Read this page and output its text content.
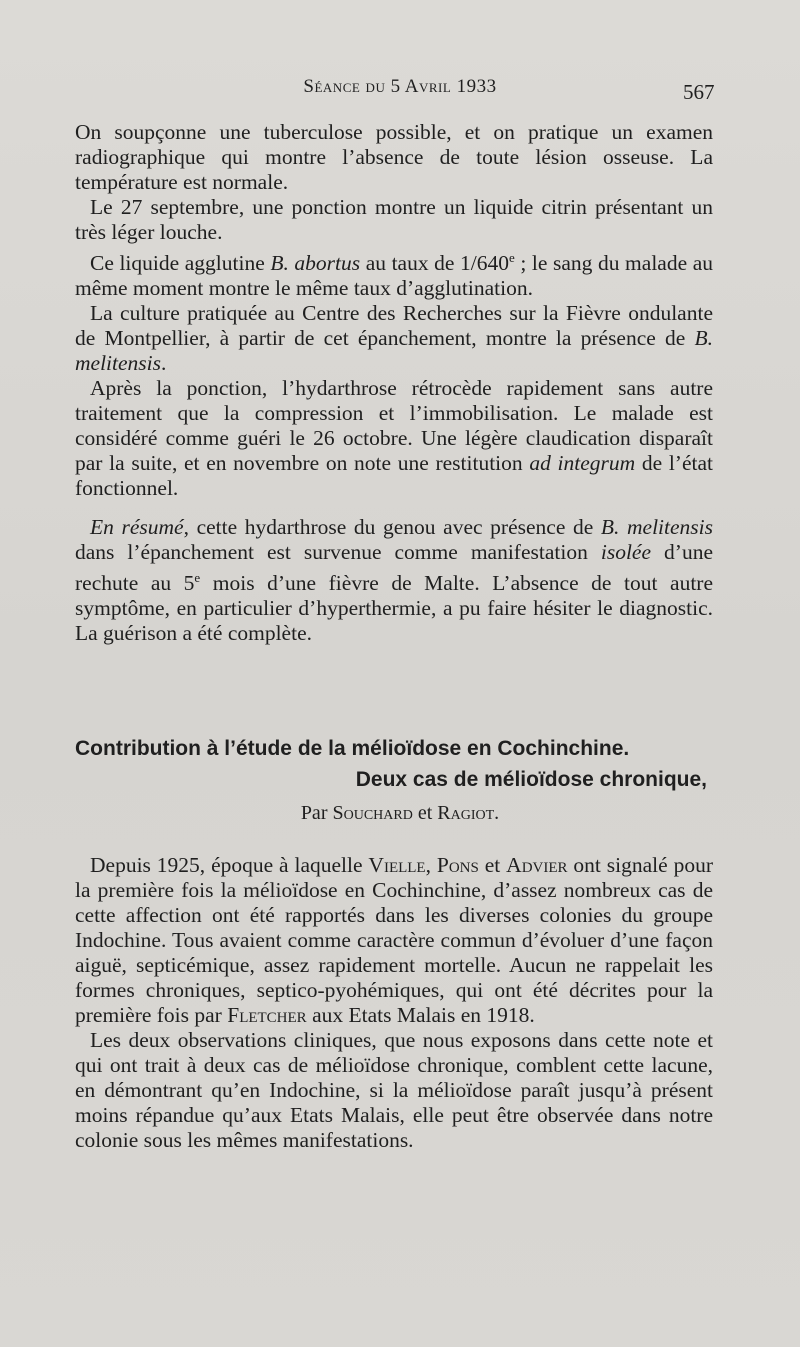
Séance du 5 Avril 1933	567

On soupçonne une tuberculose possible, et on pratique un examen radiographique qui montre l’absence de toute lésion osseuse. La température est normale.

Le 27 septembre, une ponction montre un liquide citrin présentant un très léger louche.

Ce liquide agglutine B. abortus au taux de 1/640e ; le sang du malade au même moment montre le même taux d’agglutination.

La culture pratiquée au Centre des Recherches sur la Fièvre ondulante de Montpellier, à partir de cet épanchement, montre la présence de B. melitensis.

Après la ponction, l’hydarthrose rétrocède rapidement sans autre traitement que la compression et l’immobilisation. Le malade est considéré comme guéri le 26 octobre. Une légère claudication disparaît par la suite, et en novembre on note une restitution ad integrum de l’état fonctionnel.

En résumé, cette hydarthrose du genou avec présence de B. melitensis dans l’épanchement est survenue comme manifestation isolée d’une rechute au 5e mois d’une fièvre de Malte. L’absence de tout autre symptôme, en particulier d’hyperthermie, a pu faire hésiter le diagnostic. La guérison a été complète.

Contribution à l’étude de la mélioïdose en Cochinchine.
Deux cas de mélioïdose chronique,
Par Souchard et Ragiot.

Depuis 1925, époque à laquelle Vielle, Pons et Advier ont signalé pour la première fois la mélioïdose en Cochinchine, d’assez nombreux cas de cette affection ont été rapportés dans les diverses colonies du groupe Indochine. Tous avaient comme caractère commun d’évoluer d’une façon aiguë, septicémique, assez rapidement mortelle. Aucun ne rappelait les formes chroniques, septico-pyohémiques, qui ont été décrites pour la première fois par Fletcher aux Etats Malais en 1918.

Les deux observations cliniques, que nous exposons dans cette note et qui ont trait à deux cas de mélioïdose chronique, comblent cette lacune, en démontrant qu’en Indochine, si la mélioïdose paraît jusqu’à présent moins répandue qu’aux Etats Malais, elle peut être observée dans notre colonie sous les mêmes manifestations.
